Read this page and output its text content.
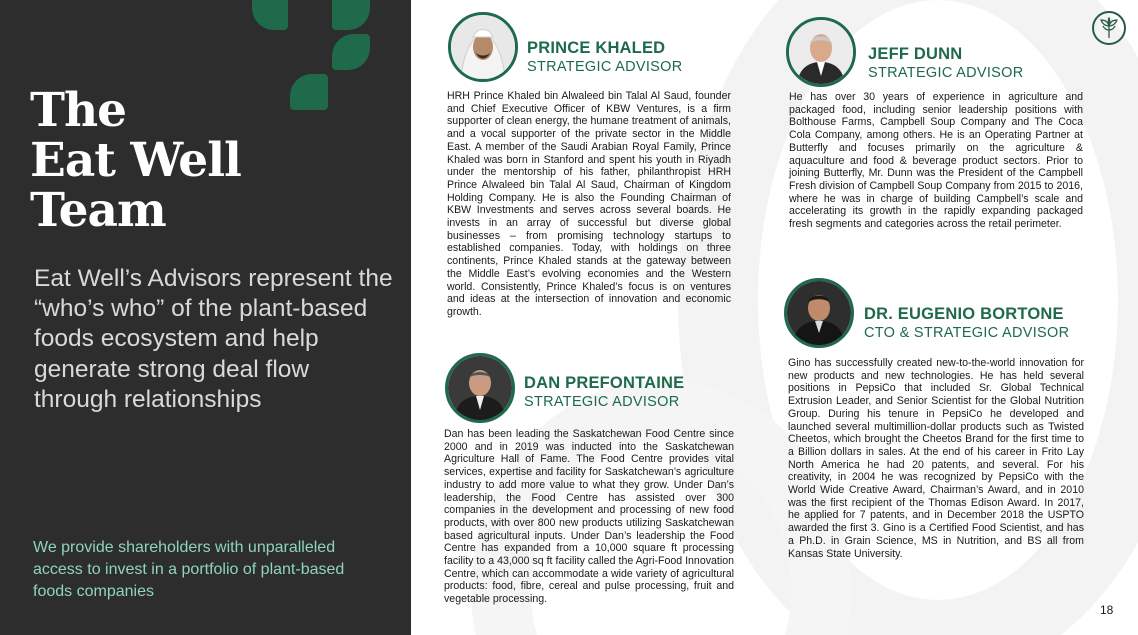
The
Eat Well
Team

Eat Well’s Advisors represent the “who’s who” of the plant-based foods ecosystem and help generate strong deal flow through relationships

We provide shareholders with unparalleled access to invest in a portfolio of plant-based foods companies

PRINCE KHALED

STRATEGIC ADVISOR

HRH Prince Khaled bin Alwaleed bin Talal Al Saud, founder and Chief Executive Officer of KBW Ventures, is a firm supporter of clean energy, the humane treatment of animals, and a vocal supporter of the private sector in the Middle East. A member of the Saudi Arabian Royal Family, Prince Khaled was born in Stanford and spent his youth in Riyadh under the mentorship of his father, philanthropist HRH Prince Alwaleed bin Talal Al Saud, Chairman of Kingdom Holding Company. He is also the Founding Chairman of KBW Investments and serves across several boards. He invests in an array of successful but diverse global businesses – from promising technology startups to established companies. Today, with holdings on three continents, Prince Khaled stands at the gateway between the Middle East’s evolving economies and the Western world. Consistently, Prince Khaled’s focus is on ventures and ideas at the intersection of innovation and economic growth.

JEFF DUNN

STRATEGIC ADVISOR

He has over 30 years of experience in agriculture and packaged food, including senior leadership positions with Bolthouse Farms, Campbell Soup Company and The Coca Cola Company, among others. He is an Operating Partner at Butterfly and focuses primarily on the agriculture & aquaculture and food & beverage product sectors. Prior to joining Butterfly, Mr. Dunn was the President of the Campbell Fresh division of Campbell Soup Company from 2015 to 2016, where he was in charge of building Campbell’s scale and accelerating its growth in the rapidly expanding packaged fresh segments and categories across the retail perimeter.

DAN PREFONTAINE

STRATEGIC ADVISOR

Dan has been leading the Saskatchewan Food Centre since 2000 and in 2019 was inducted into the Saskatchewan Agriculture Hall of Fame. The Food Centre provides vital services, expertise and facility for Saskatchewan’s agriculture industry to add more value to what they grow. Under Dan’s leadership, the Food Centre has assisted over 300 companies in the development and processing of new food products, with over 800 new products utilizing Saskatchewan based agricultural inputs. Under Dan’s leadership the Food Centre has expanded from a 10,000 square ft processing facility to a 43,000 sq ft facility called the Agri-Food Innovation Centre, which can accommodate a wide variety of agricultural products: food, fibre, cereal and pulse processing, fruit and vegetable processing.

DR. EUGENIO BORTONE

CTO & STRATEGIC ADVISOR

Gino has successfully created new-to-the-world innovation for new products and new technologies. He has held several positions in PepsiCo that included Sr. Global Technical Extrusion Leader, and Senior Scientist for the Global Nutrition Group. During his tenure in PepsiCo he developed and launched several multimillion-dollar products such as Twisted Cheetos, which brought the Cheetos Brand for the first time to a Billion dollars in sales. At the end of his career in Frito Lay North America he had 20 patents, and several. For his creativity, in 2004 he was recognized by PepsiCo with the World Wide Creative Award, Chairman’s Award, and in 2010 was the first recipient of the Thomas Edison Award. In 2017, he applied for 7 patents, and in December 2018 the USPTO awarded the first 3. Gino is a Certified Food Scientist, and has a Ph.D. in Grain Science, MS in Nutrition, and BS all from Kansas State University.

18
